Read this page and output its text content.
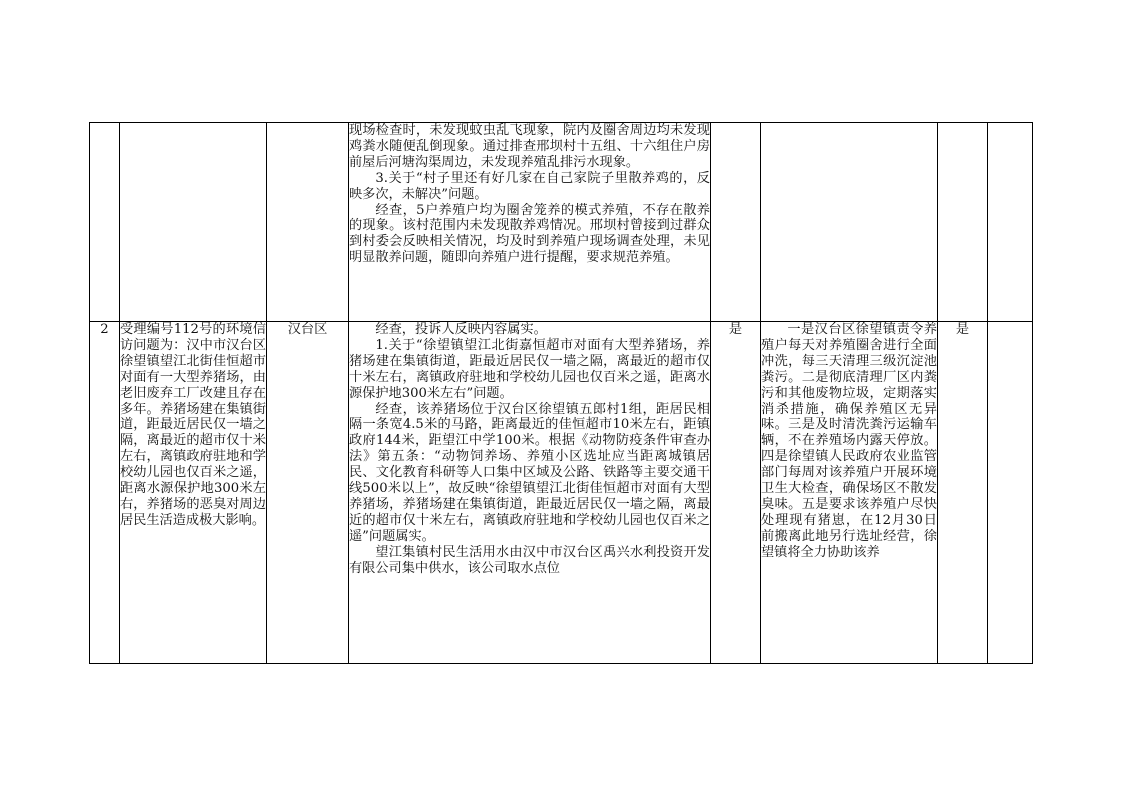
			现场检查时，未发现蚊虫乱飞现象，院内及圈舍周边均未发现鸡粪水随便乱倒现象。通过排查邢坝村十五组、十六组住户房前屋后河塘沟渠周边，未发现养殖乱排污水现象。

3.关于“村子里还有好几家在自己家院子里散养鸡的，反映多次，未解决”问题。

经查，5户养殖户均为圈舍笼养的模式养殖，不存在散养的现象。该村范围内未发现散养鸡情况。邢坝村曾接到过群众到村委会反映相关情况，均及时到养殖户现场调查处理，未见明显散养问题，随即向养殖户进行提醒，要求规范养殖。				

2	受理编号112号的环境信访问题为：汉中市汉台区徐望镇望江北街佳恒超市对面有一大型养猪场，由老旧废弃工厂改建且存在多年。养猪场建在集镇街道，距最近居民仅一墙之隔，离最近的超市仅十米左右，离镇政府驻地和学校幼儿园也仅百米之遥，距离水源保护地300米左右，养猪场的恶臭对周边居民生活造成极大影响。	汉台区	经查，投诉人反映内容属实。

1.关于“徐望镇望江北街嘉恒超市对面有大型养猪场，养猪场建在集镇街道，距最近居民仅一墙之隔，离最近的超市仅十米左右，离镇政府驻地和学校幼儿园也仅百米之遥，距离水源保护地300米左右”问题。

经查，该养猪场位于汉台区徐望镇五郎村1组，距居民相隔一条宽4.5米的马路，距离最近的佳恒超市10米左右，距镇政府144米，距望江中学100米。根据《动物防疫条件审查办法》第五条：“动物饲养场、养殖小区选址应当距离城镇居民、文化教育科研等人口集中区域及公路、铁路等主要交通干线500米以上”，故反映“徐望镇望江北街佳恒超市对面有大型养猪场，养猪场建在集镇街道，距最近居民仅一墙之隔，离最近的超市仅十米左右，离镇政府驻地和学校幼儿园也仅百米之遥”问题属实。

望江集镇村民生活用水由汉中市汉台区禹兴水利投资开发有限公司集中供水，该公司取水点位	是	一是汉台区徐望镇责令养殖户每天对养殖圈舍进行全面冲洗，每三天清理三级沉淀池粪污。二是彻底清理厂区内粪污和其他废物垃圾，定期落实消杀措施，确保养殖区无异味。三是及时清洗粪污运输车辆，不在养殖场内露天停放。四是徐望镇人民政府农业监管部门每周对该养殖户开展环境卫生大检查，确保场区不散发臭味。五是要求该养殖户尽快处理现有猪崽，在12月30日前搬离此地另行选址经营，徐望镇将全力协助该养	是	
